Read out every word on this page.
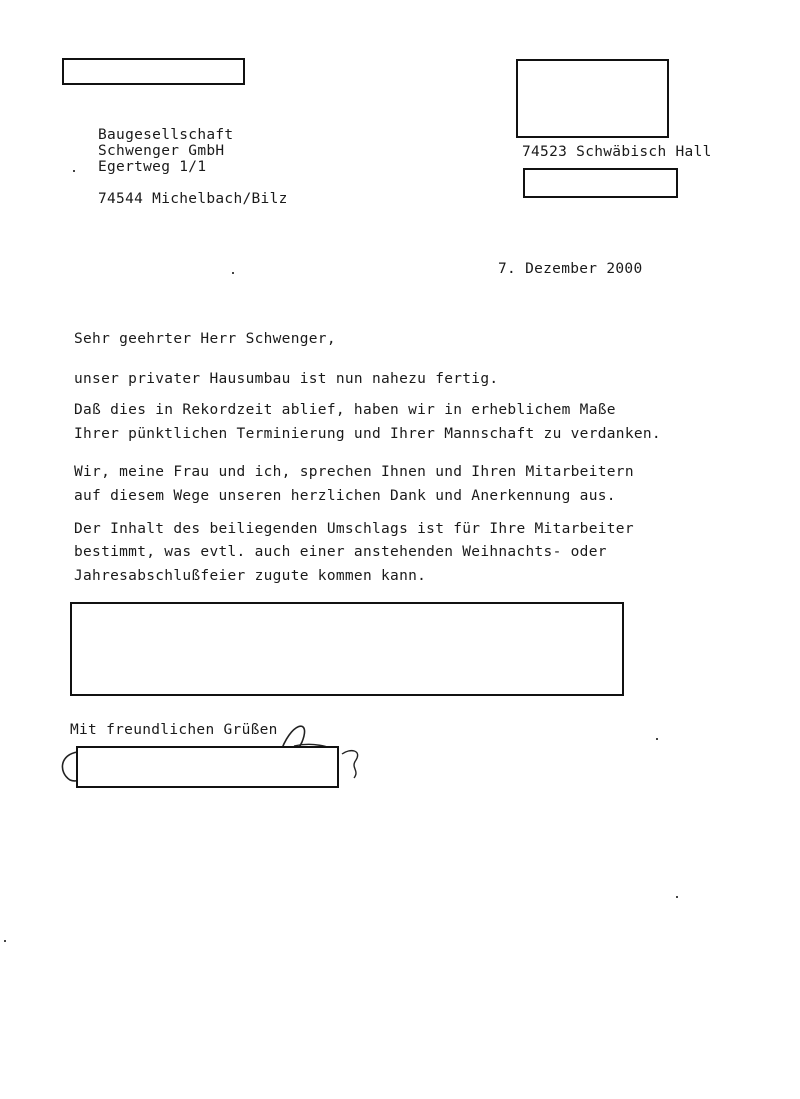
Baugesellschaft
Schwenger GmbH
Egertweg 1/1
74544 Michelbach/Bilz
74523 Schwäbisch Hall
7. Dezember 2000
Sehr geehrter Herr Schwenger,
unser privater Hausumbau ist nun nahezu fertig.
Daß dies in Rekordzeit ablief, haben wir in erheblichem Maße
Ihrer pünktlichen Terminierung und Ihrer Mannschaft zu verdanken.
Wir, meine Frau und ich, sprechen Ihnen und Ihren Mitarbeitern
auf diesem Wege unseren herzlichen Dank und Anerkennung aus.
Der Inhalt des beiliegenden Umschlags ist für Ihre Mitarbeiter
bestimmt, was evtl. auch einer anstehenden Weihnachts- oder
Jahresabschlußfeier zugute kommen kann.
Mit freundlichen Grüßen
